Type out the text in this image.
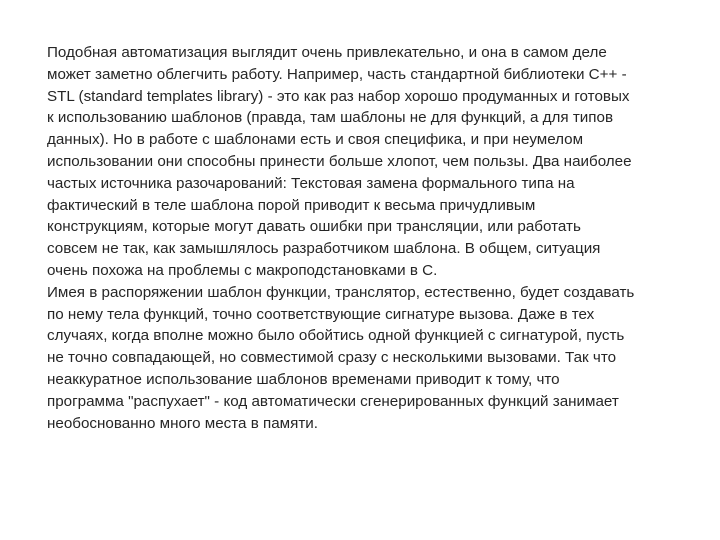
Подобная автоматизация выглядит очень привлекательно, и она в самом деле
может заметно облегчить работу. Например, часть стандартной библиотеки C++ -
STL (standard templates library) - это как раз набор хорошо продуманных и готовых
к использованию шаблонов (правда, там шаблоны не для функций, а для типов
данных). Но в работе с шаблонами есть и своя специфика, и при неумелом
использовании они способны принести больше хлопот, чем пользы. Два наиболее
частых источника разочарований: Текстовая замена формального типа на
фактический в теле шаблона порой приводит к весьма причудливым
конструкциям, которые могут давать ошибки при трансляции, или работать
совсем не так, как замышлялось разработчиком шаблона. В общем, ситуация
очень похожа на проблемы с макроподстановками в С.
Имея в распоряжении шаблон функции, транслятор, естественно, будет создавать
по нему тела функций, точно соответствующие сигнатуре вызова. Даже в тех
случаях, когда вполне можно было обойтись одной функцией с сигнатурой, пусть
не точно совпадающей, но совместимой сразу с несколькими вызовами. Так что
неаккуратное использование шаблонов временами приводит к тому, что
программа "распухает" - код автоматически сгенерированных функций занимает
необоснованно много места в памяти.
